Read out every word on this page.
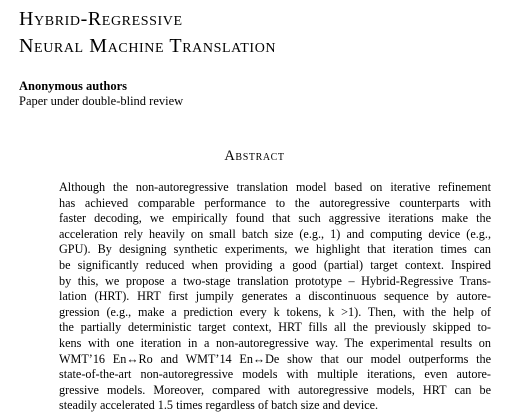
Hybrid-Regressive
Neural Machine Translation
Anonymous authors
Paper under double-blind review
Abstract
Although the non-autoregressive translation model based on iterative refinement
has achieved comparable performance to the autoregressive counterparts with
faster decoding, we empirically found that such aggressive iterations make the
acceleration rely heavily on small batch size (e.g., 1) and computing device (e.g.,
GPU). By designing synthetic experiments, we highlight that iteration times can
be significantly reduced when providing a good (partial) target context. Inspired
by this, we propose a two-stage translation prototype – Hybrid-Regressive Trans-
lation (HRT). HRT first jumpily generates a discontinuous sequence by autore-
gression (e.g., make a prediction every k tokens, k >1). Then, with the help of
the partially deterministic target context, HRT fills all the previously skipped to-
kens with one iteration in a non-autoregressive way. The experimental results on
WMT’16 En↔Ro and WMT’14 En↔De show that our model outperforms the
state-of-the-art non-autoregressive models with multiple iterations, even autore-
gressive models. Moreover, compared with autoregressive models, HRT can be
steadily accelerated 1.5 times regardless of batch size and device.
